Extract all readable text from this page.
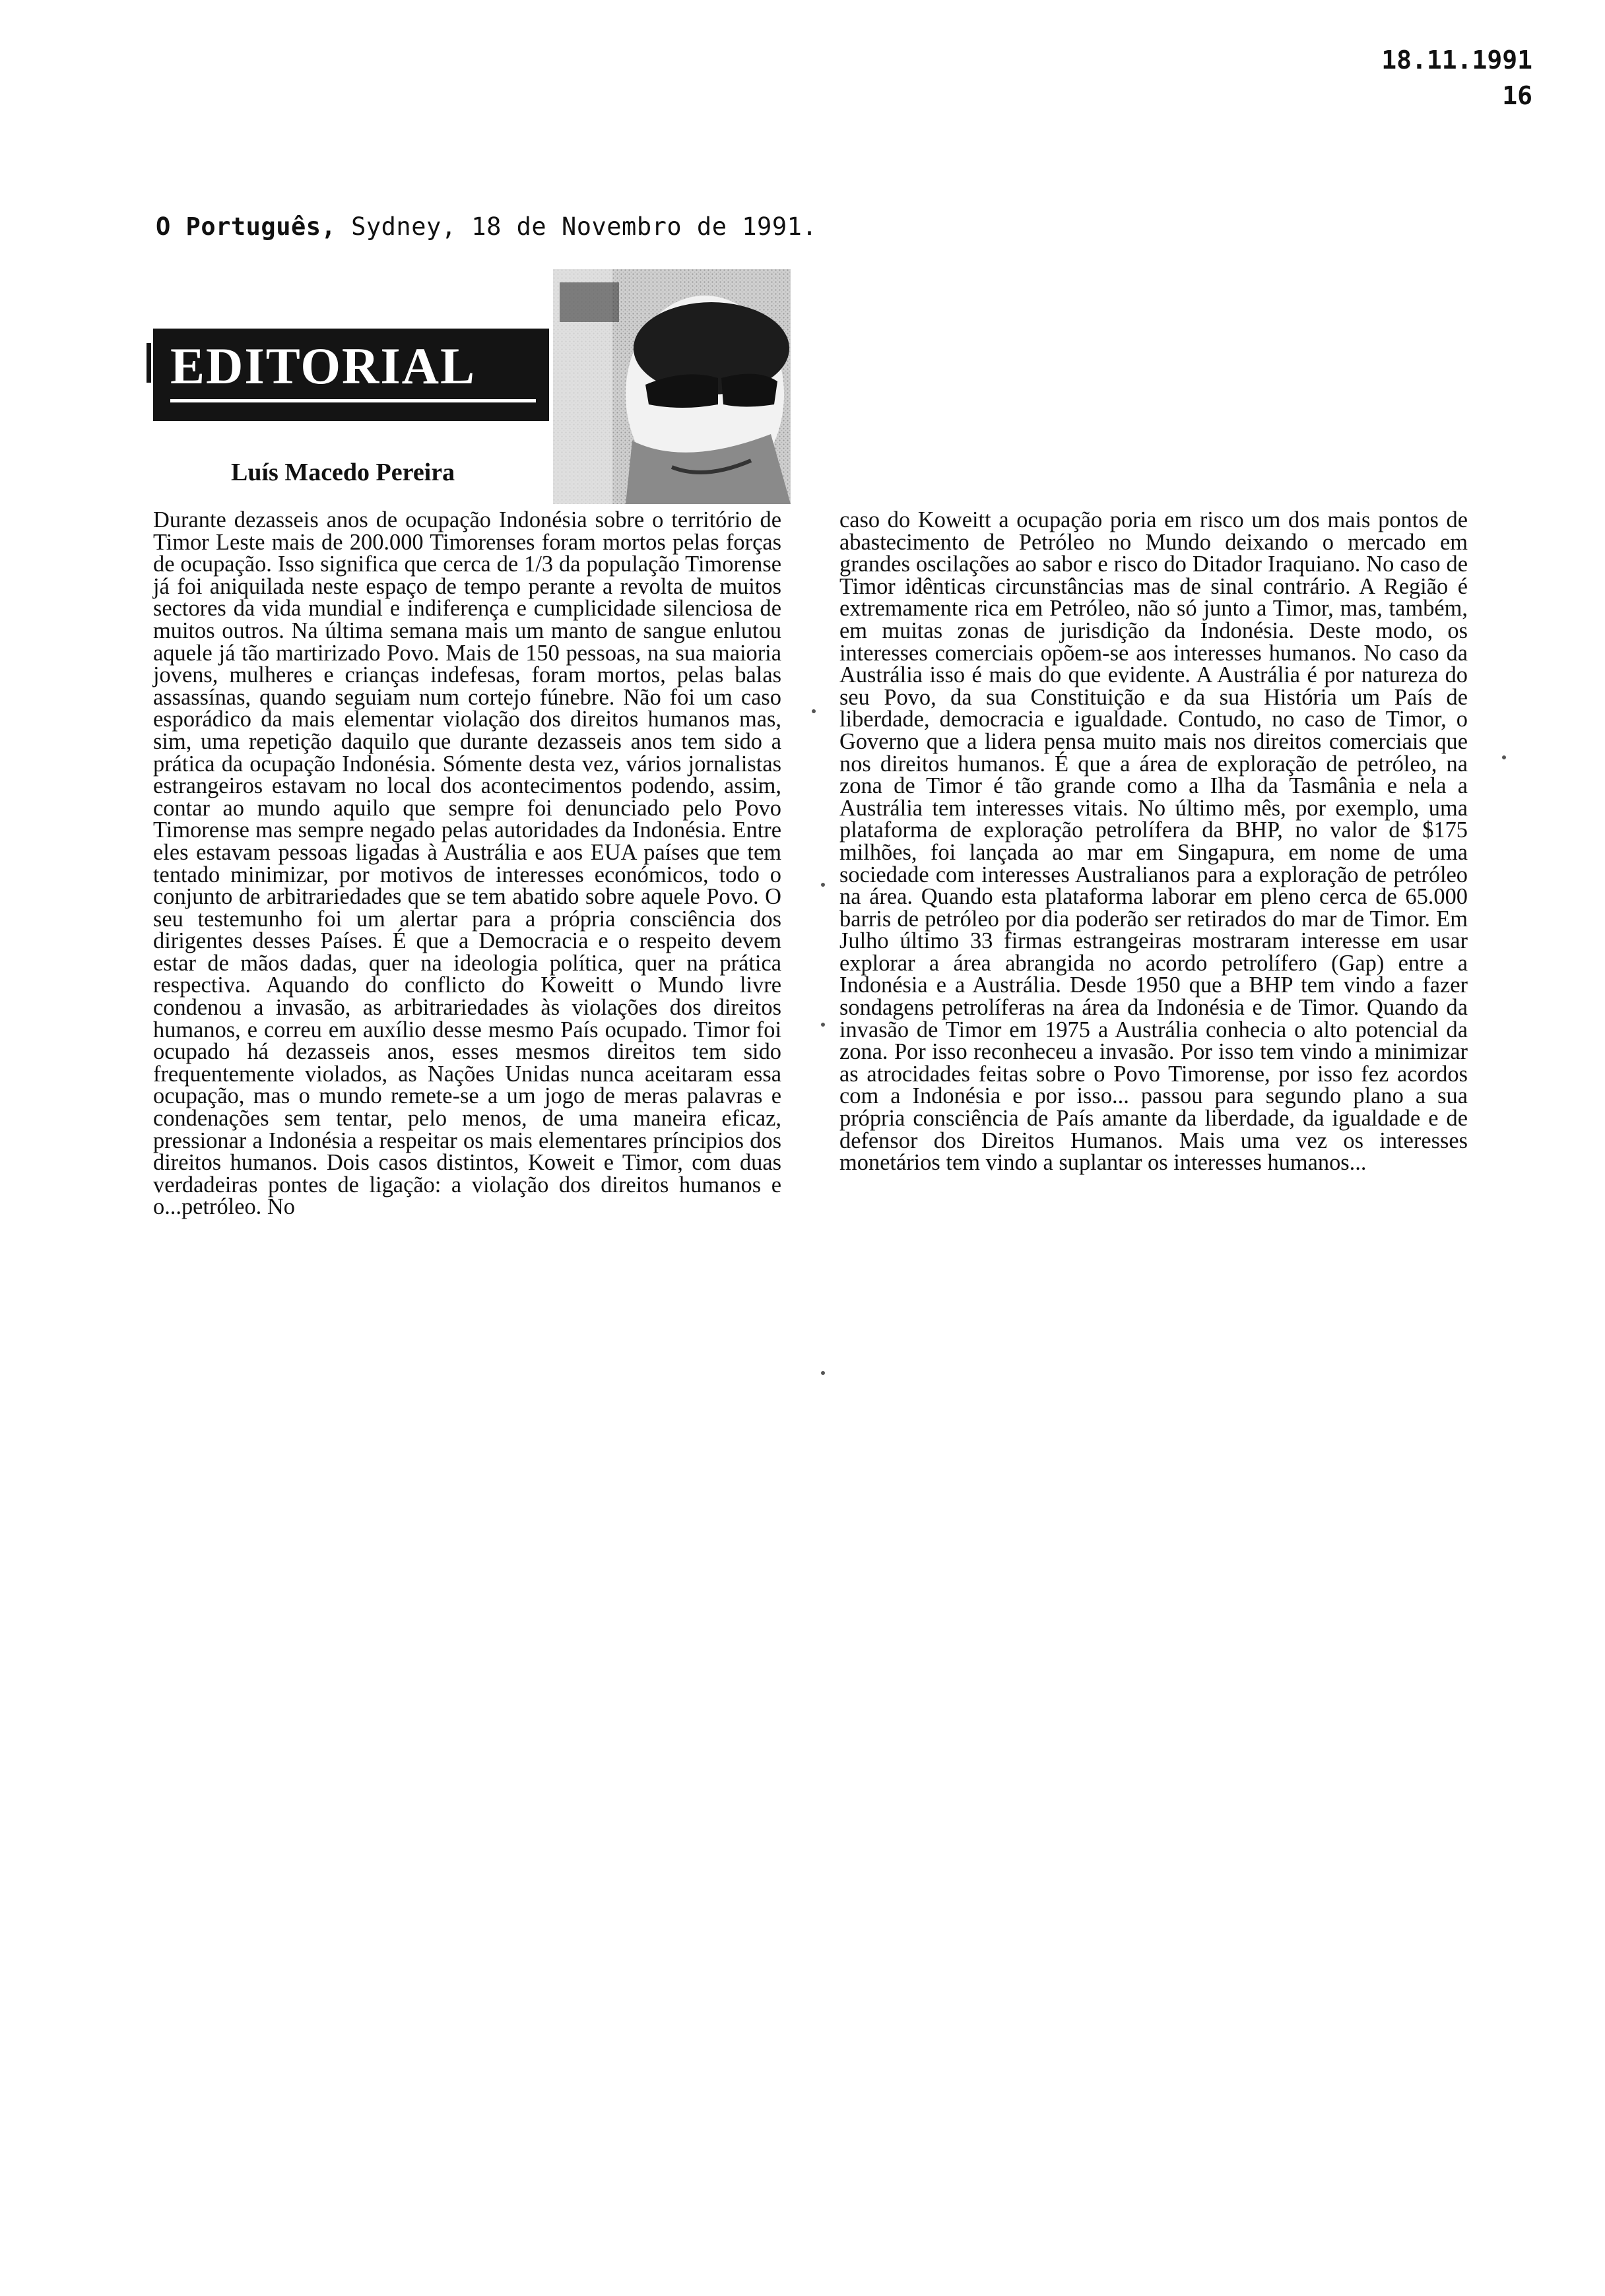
18.11.1991
16
O Português, Sydney, 18 de Novembro de 1991.
EDITORIAL
Luís Macedo Pereira
Durante dezasseis anos de ocupação Indonésia sobre o território de Timor Leste mais de 200.000 Timorenses foram mortos pelas forças de ocupação. Isso significa que cerca de 1/3 da população Timorense já foi aniquilada neste espaço de tempo perante a revolta de muitos sectores da vida mundial e indiferença e cumplicidade silenciosa de muitos outros. Na última semana mais um manto de sangue enlutou aquele já tão martirizado Povo. Mais de 150 pessoas, na sua maioria jovens, mulheres e crianças indefesas, foram mortos, pelas balas assassínas, quando seguiam num cortejo fúnebre. Não foi um caso esporádico da mais elementar violação dos direitos humanos mas, sim, uma repetição daquilo que durante dezasseis anos tem sido a prática da ocupação Indonésia. Sómente desta vez, vários jornalistas estrangeiros estavam no local dos acontecimentos podendo, assim, contar ao mundo aquilo que sempre foi denunciado pelo Povo Timorense mas sempre negado pelas autoridades da Indonésia. Entre eles estavam pessoas ligadas à Austrália e aos EUA países que tem tentado minimizar, por motivos de interesses económicos, todo o conjunto de arbitrariedades que se tem abatido sobre aquele Povo. O seu testemunho foi um alertar para a própria consciência dos dirigentes desses Países. É que a Democracia e o respeito devem estar de mãos dadas, quer na ideologia política, quer na prática respectiva. Aquando do conflicto do Koweitt o Mundo livre condenou a invasão, as arbitrariedades às violações dos direitos humanos, e correu em auxílio desse mesmo País ocupado. Timor foi ocupado há dezasseis anos, esses mesmos direitos tem sido frequentemente violados, as Nações Unidas nunca aceitaram essa ocupação, mas o mundo remete-se a um jogo de meras palavras e condenações sem tentar, pelo menos, de uma maneira eficaz, pressionar a Indonésia a respeitar os mais elementares príncipios dos direitos humanos. Dois casos distintos, Koweit e Timor, com duas verdadeiras pontes de ligação: a violação dos direitos humanos e o...petróleo. No
caso do Koweitt a ocupação poria em risco um dos mais pontos de abastecimento de Petróleo no Mundo deixando o mercado em grandes oscilações ao sabor e risco do Ditador Iraquiano. No caso de Timor idênticas circunstâncias mas de sinal contrário. A Região é extremamente rica em Petróleo, não só junto a Timor, mas, também, em muitas zonas de jurisdição da Indonésia. Deste modo, os interesses comerciais opõem-se aos interesses humanos. No caso da Austrália isso é mais do que evidente. A Austrália é por natureza do seu Povo, da sua Constituição e da sua História um País de liberdade, democracia e igualdade. Contudo, no caso de Timor, o Governo que a lidera pensa muito mais nos direitos comerciais que nos direitos humanos. É que a área de exploração de petróleo, na zona de Timor é tão grande como a Ilha da Tasmânia e nela a Austrália tem interesses vitais. No último mês, por exemplo, uma plataforma de exploração petrolífera da BHP, no valor de $175 milhões, foi lançada ao mar em Singapura, em nome de uma sociedade com interesses Australianos para a exploração de petróleo na área. Quando esta plataforma laborar em pleno cerca de 65.000 barris de petróleo por dia poderão ser retirados do mar de Timor. Em Julho último 33 firmas estrangeiras mostraram interesse em usar explorar a área abrangida no acordo petrolífero (Gap) entre a Indonésia e a Austrália. Desde 1950 que a BHP tem vindo a fazer sondagens petrolíferas na área da Indonésia e de Timor. Quando da invasão de Timor em 1975 a Austrália conhecia o alto potencial da zona. Por isso reconheceu a invasão. Por isso tem vindo a minimizar as atrocidades feitas sobre o Povo Timorense, por isso fez acordos com a Indonésia e por isso... passou para segundo plano a sua própria consciência de País amante da liberdade, da igualdade e de defensor dos Direitos Humanos. Mais uma vez os interesses monetários tem vindo a suplantar os interesses humanos...
